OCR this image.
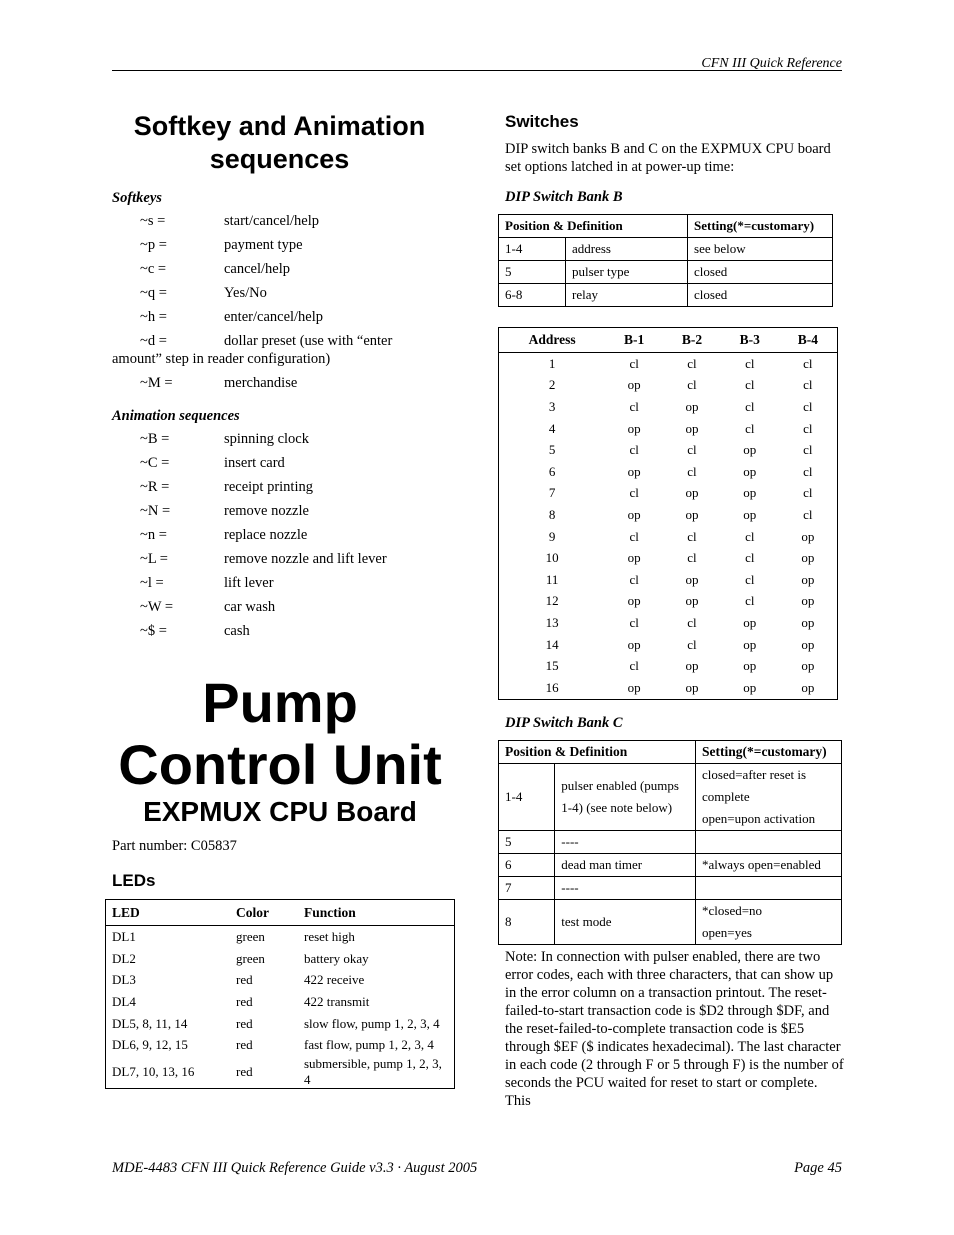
CFN III Quick Reference
Softkey and Animation
sequences
Softkeys
~s =	start/cancel/help
~p =	payment type
~c =	cancel/help
~q =	Yes/No
~h =	enter/cancel/help
~d =	dollar preset (use with “enter
amount” step in reader configuration)
~M =	merchandise
Animation sequences
~B =	spinning clock
~C =	insert card
~R =	receipt printing
~N =	remove nozzle
~n =	replace nozzle
~L =	remove nozzle and lift lever
~l =	lift lever
~W =	car wash
~$ =	cash
Pump
Control Unit
EXPMUX CPU Board
Part number: C05837
LEDs
LED	Color	Function
DL1	green	reset high
DL2	green	battery okay
DL3	red	422 receive
DL4	red	422 transmit
DL5, 8, 11, 14	red	slow flow, pump 1, 2, 3, 4
DL6, 9, 12, 15	red	fast flow, pump 1, 2, 3, 4
DL7, 10, 13, 16	red	submersible, pump 1, 2, 3, 4
Switches
DIP switch banks B and C on the EXPMUX CPU board set options latched in at power-up time:
DIP Switch Bank B
Position & Definition		Setting(*=customary)
1-4	address	see below
5	pulser type	closed
6-8	relay	closed
Address	B-1	B-2	B-3	B-4
1	cl	cl	cl	cl
2	op	cl	cl	cl
3	cl	op	cl	cl
4	op	op	cl	cl
5	cl	cl	op	cl
6	op	cl	op	cl
7	cl	op	op	cl
8	op	op	op	cl
9	cl	cl	cl	op
10	op	cl	cl	op
11	cl	op	cl	op
12	op	op	cl	op
13	cl	cl	op	op
14	op	cl	op	op
15	cl	op	op	op
16	op	op	op	op
DIP Switch Bank C
Position & Definition		Setting(*=customary)
1-4	pulser enabled (pumps 1-4) (see note below)	closed=after reset is complete
open=upon activation

5	----	

6	dead man timer	*always open=enabled

7	----	

8	test mode	*closed=no
open=yes
Note: In connection with pulser enabled, there are two error codes, each with three characters, that can show up in the error column on a transaction printout. The reset-failed-to-start transaction code is $D2 through $DF, and the reset-failed-to-complete transaction code is $E5 through $EF ($ indicates hexadecimal). The last character in each code (2 through F or 5 through F) is the number of seconds the PCU waited for reset to start or complete. This
MDE-4483 CFN III Quick Reference Guide v3.3 · August 2005	Page 45
